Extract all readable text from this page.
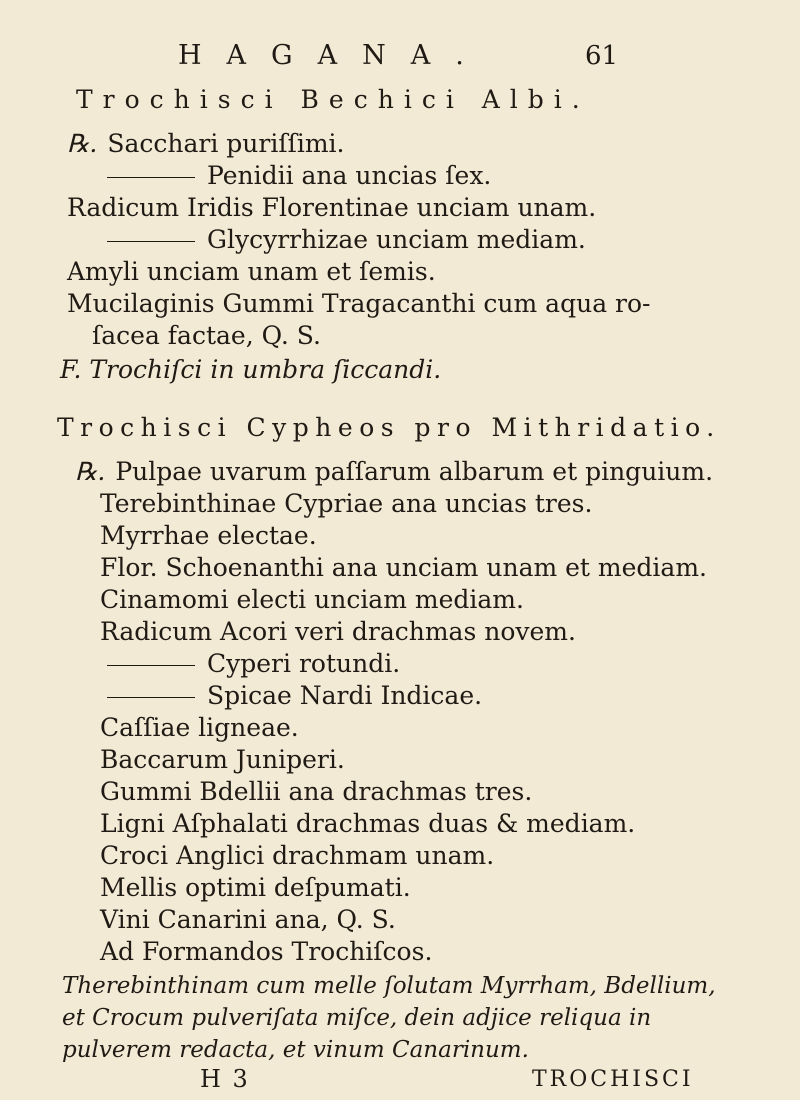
HAGANA.	61
Trochisci Bechici Albi.
℞. Sacchari puriſſimi.
Penidii ana uncias ſex.
Radicum Iridis Florentinae unciam unam.
Glycyrrhizae unciam mediam.
Amyli unciam unam et ſemis.
Mucilaginis Gummi Tragacanthi cum aqua ro-
ſacea factae, Q. S.
F. Trochiſci in umbra ſiccandi.
Trochisci Cypheos pro Mithridatio.
℞. Pulpae uvarum paſſarum albarum et pinguium.
Terebinthinae Cypriae ana uncias tres.
Myrrhae electae.
Flor. Schoenanthi ana unciam unam et mediam.
Cinamomi electi unciam mediam.
Radicum Acori veri drachmas novem.
Cyperi rotundi.
Spicae Nardi Indicae.
Caſſiae ligneae.
Baccarum Juniperi.
Gummi Bdellii ana drachmas tres.
Ligni Aſphalati drachmas duas & mediam.
Croci Anglici drachmam unam.
Mellis optimi deſpumati.
Vini Canarini ana, Q. S.
Ad Formandos Trochiſcos.
Therebinthinam cum melle ſolutam Myrrham, Bdellium,
et Crocum pulveriſata miſce, dein adjice reliqua in
pulverem redacta, et vinum Canarinum.
H 3	TROCHISCI
